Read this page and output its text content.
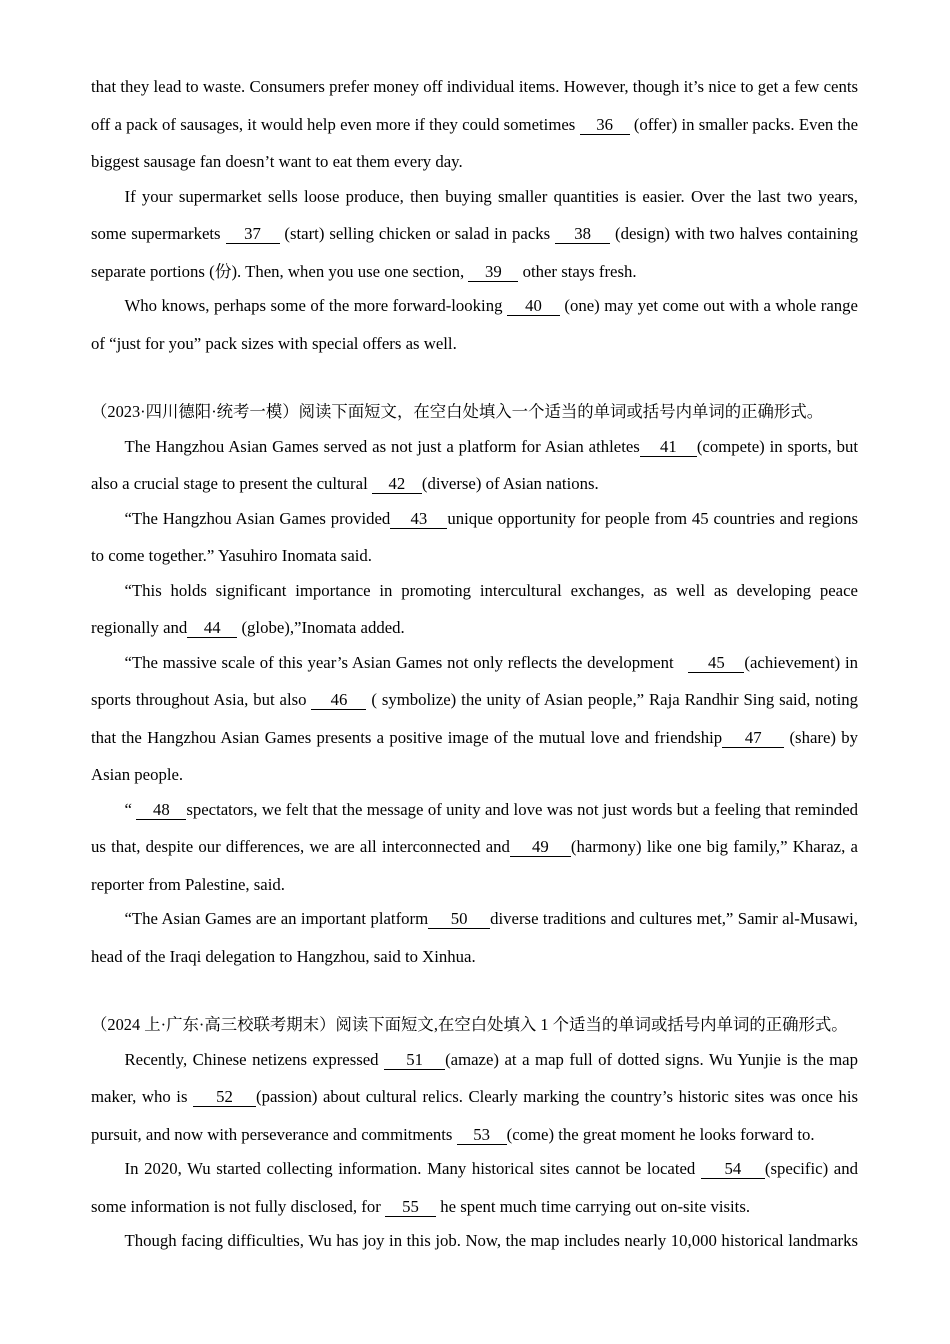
that they lead to waste. Consumers prefer money off individual items. However, though it’s nice to get a few cents off a pack of sausages, it would help even more if they could sometimes 36 (offer) in smaller packs. Even the biggest sausage fan doesn’t want to eat them every day.

If your supermarket sells loose produce, then buying smaller quantities is easier. Over the last two years, some supermarkets 37 (start) selling chicken or salad in packs 38 (design) with two halves containing separate portions (份). Then, when you use one section, 39 other stays fresh.

Who knows, perhaps some of the more forward-looking 40 (one) may yet come out with a whole range of “just for you” pack sizes with special offers as well.

（2023·四川德阳·统考一模）阅读下面短文，在空白处填入一个适当的单词或括号内单词的正确形式。

The Hangzhou Asian Games served as not just a platform for Asian athletes 41 (compete) in sports, but also a crucial stage to present the cultural 42 (diverse) of Asian nations.

“The Hangzhou Asian Games provided 43 unique opportunity for people from 45 countries and regions to come together.” Yasuhiro Inomata said.

“This holds significant importance in promoting intercultural exchanges, as well as developing peace regionally and 44 (globe),”Inomata added.

“The massive scale of this year’s Asian Games not only reflects the development 45 (achievement) in sports throughout Asia, but also 46 ( symbolize) the unity of Asian people,” Raja Randhir Sing said, noting that the Hangzhou Asian Games presents a positive image of the mutual love and friendship 47 (share) by Asian people.

“ 48 spectators, we felt that the message of unity and love was not just words but a feeling that reminded us that, despite our differences, we are all interconnected and 49 (harmony) like one big family,” Kharaz, a reporter from Palestine, said.

“The Asian Games are an important platform 50 diverse traditions and cultures met,” Samir al-Musawi, head of the Iraqi delegation to Hangzhou, said to Xinhua.

（2024 上·广东·高三校联考期末）阅读下面短文,在空白处填入 1 个适当的单词或括号内单词的正确形式。

Recently, Chinese netizens expressed 51 (amaze) at a map full of dotted signs. Wu Yunjie is the map maker, who is 52 (passion) about cultural relics. Clearly marking the country’s historic sites was once his pursuit, and now with perseverance and commitments 53 (come) the great moment he looks forward to.

In 2020, Wu started collecting information. Many historical sites cannot be located 54 (specific) and some information is not fully disclosed, for 55 he spent much time carrying out on-site visits.

Though facing difficulties, Wu has joy in this job. Now, the map includes nearly 10,000 historical landmarks
